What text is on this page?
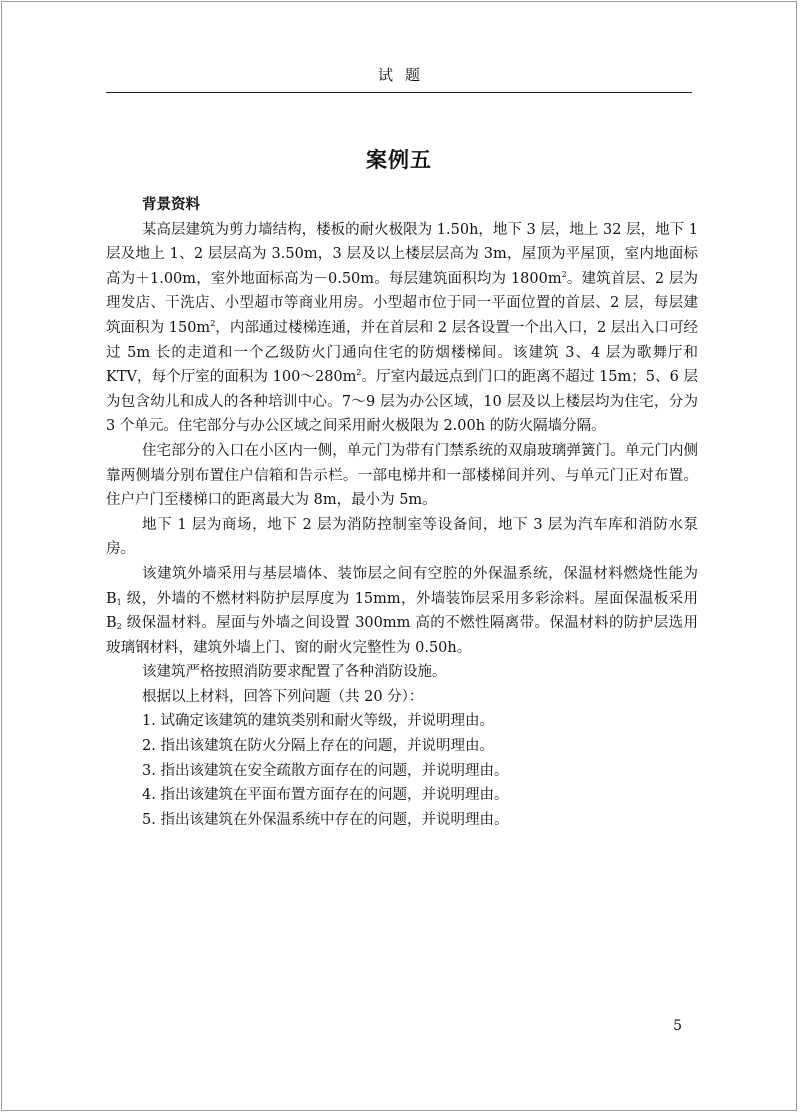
试 题
案例五

背景资料

某高层建筑为剪力墙结构，楼板的耐火极限为 1.50h，地下 3 层，地上 32 层，地下 1 层及地上 1、2 层层高为 3.50m，3 层及以上楼层层高为 3m，屋顶为平屋顶，室内地面标高为＋1.00m，室外地面标高为－0.50m。每层建筑面积均为 $1800m^2$。建筑首层、2 层为理发店、干洗店、小型超市等商业用房。小型超市位于同一平面位置的首层、2 层，每层建筑面积为 $150m^2$，内部通过楼梯连通，并在首层和 2 层各设置一个出入口，2 层出入口可经过 5m 长的走道和一个乙级防火门通向住宅的防烟楼梯间。该建筑 3、4 层为歌舞厅和 KTV，每个厅室的面积为 $100\sim 280m^2$。厅室内最远点到门口的距离不超过 15m；5、6 层为包含幼儿和成人的各种培训中心。7～9 层为办公区域，10 层及以上楼层均为住宅，分为 3 个单元。住宅部分与办公区域之间采用耐火极限为 2.00h 的防火隔墙分隔。

住宅部分的入口在小区内一侧，单元门为带有门禁系统的双扇玻璃弹簧门。单元门内侧靠两侧墙分别布置住户信箱和告示栏。一部电梯井和一部楼梯间并列、与单元门正对布置。住户户门至楼梯口的距离最大为 8m，最小为 5m。

地下 1 层为商场，地下 2 层为消防控制室等设备间，地下 3 层为汽车库和消防水泵房。

该建筑外墙采用与基层墙体、装饰层之间有空腔的外保温系统，保温材料燃烧性能为 $B_1$ 级，外墙的不燃材料防护层厚度为 15mm，外墙装饰层采用多彩涂料。屋面保温板采用 $B_2$ 级保温材料。屋面与外墙之间设置 300mm 高的不燃性隔离带。保温材料的防护层选用玻璃钢材料，建筑外墙上门、窗的耐火完整性为 0.50h。

该建筑严格按照消防要求配置了各种消防设施。

根据以上材料，回答下列问题（共 20 分）：

1. 试确定该建筑的建筑类别和耐火等级，并说明理由。
2. 指出该建筑在防火分隔上存在的问题，并说明理由。
3. 指出该建筑在安全疏散方面存在的问题，并说明理由。
4. 指出该建筑在平面布置方面存在的问题，并说明理由。
5. 指出该建筑在外保温系统中存在的问题，并说明理由。
5
